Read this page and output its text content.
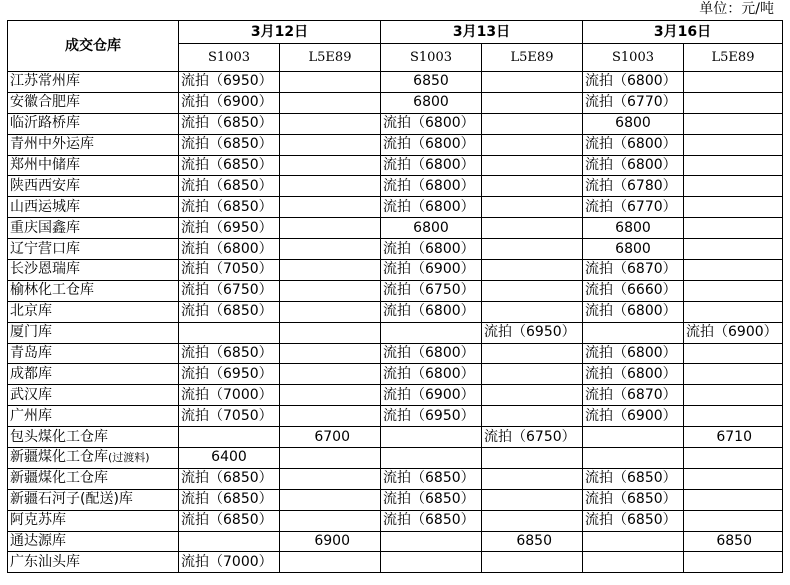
单位：元/吨
成交仓库	3月12日		3月13日		3月16日	
	S1003	L5E89	S1003	L5E89	S1003	L5E89
江苏常州库	流拍（6950）		6850		流拍（6800）	
安徽合肥库	流拍（6900）		6800		流拍（6770）	
临沂路桥库	流拍（6850）		流拍（6800）		6800	
青州中外运库	流拍（6850）		流拍（6800）		流拍（6800）	
郑州中储库	流拍（6850）		流拍（6800）		流拍（6800）	
陕西西安库	流拍（6850）		流拍（6800）		流拍（6780）	
山西运城库	流拍（6850）		流拍（6800）		流拍（6770）	
重庆国鑫库	流拍（6950）		6800		6800	
辽宁营口库	流拍（6800）		流拍（6800）		6800	
长沙恩瑞库	流拍（7050）		流拍（6900）		流拍（6870）	
榆林化工仓库	流拍（6750）		流拍（6750）		流拍（6660）	
北京库	流拍（6850）		流拍（6800）		流拍（6800）	
厦门库				流拍（6950）		流拍（6900）
青岛库	流拍（6850）		流拍（6800）		流拍（6800）	
成都库	流拍（6950）		流拍（6800）		流拍（6800）	
武汉库	流拍（7000）		流拍（6900）		流拍（6870）	
广州库	流拍（7050）		流拍（6950）		流拍（6900）	
包头煤化工仓库		6700		流拍（6750）		6710
新疆煤化工仓库(过渡料)	6400					
新疆煤化工仓库	流拍（6850）		流拍（6850）		流拍（6850）	
新疆石河子(配送)库	流拍（6850）		流拍（6850）		流拍（6850）	
阿克苏库	流拍（6850）		流拍（6850）		流拍（6850）	
通达源库		6900		6850		6850
广东汕头库	流拍（7000）					
